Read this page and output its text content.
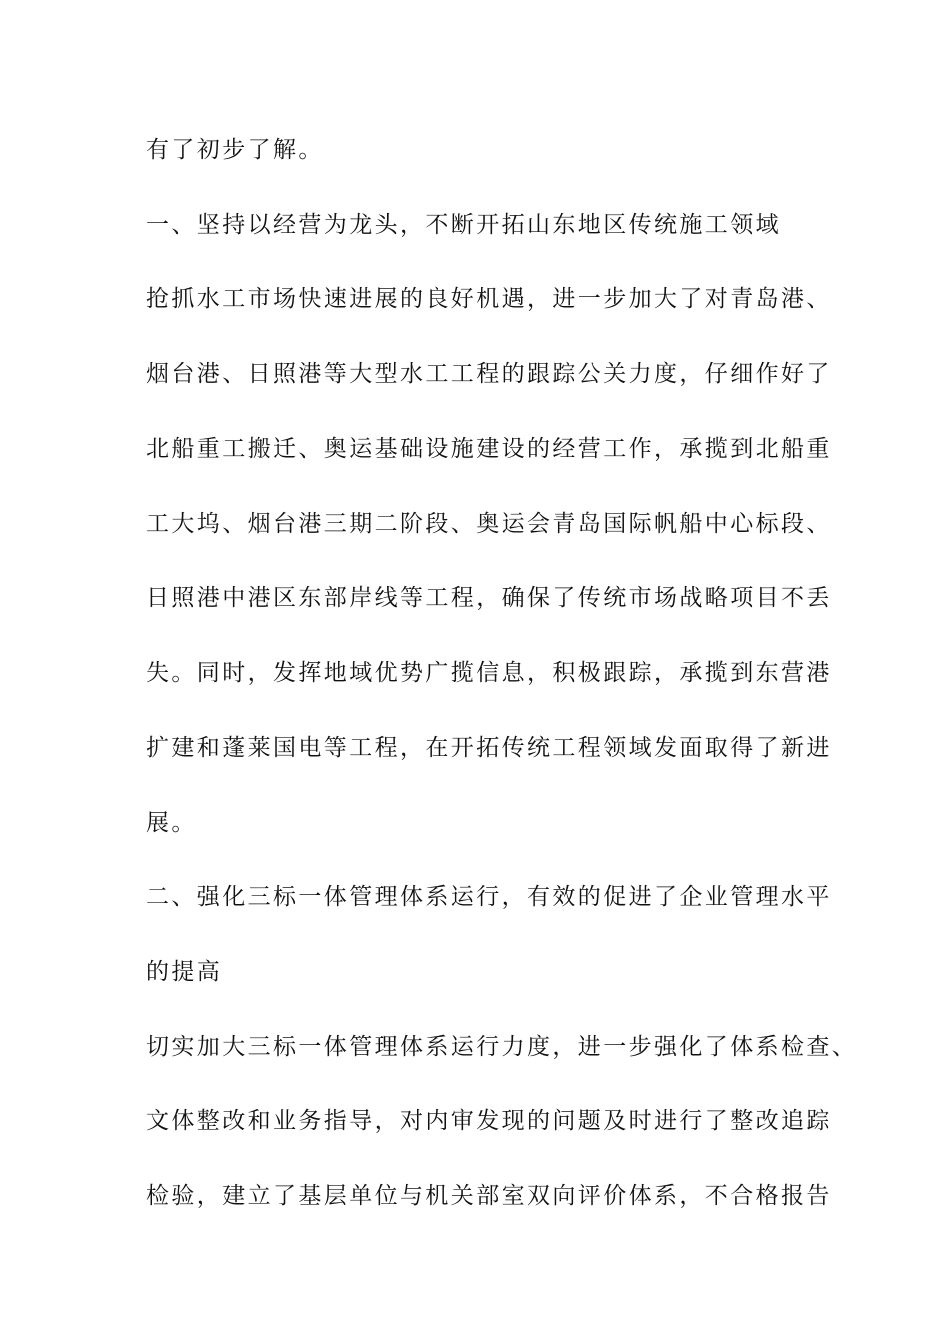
有了初步了解。

一、坚持以经营为龙头，不断开拓山东地区传统施工领域

抢抓水工市场快速进展的良好机遇，进一步加大了对青岛港、

烟台港、日照港等大型水工工程的跟踪公关力度，仔细作好了

北船重工搬迁、奥运基础设施建设的经营工作，承揽到北船重

工大坞、烟台港三期二阶段、奥运会青岛国际帆船中心标段、

日照港中港区东部岸线等工程，确保了传统市场战略项目不丢

失。同时，发挥地域优势广揽信息，积极跟踪，承揽到东营港

扩建和蓬莱国电等工程，在开拓传统工程领域发面取得了新进

展。

二、强化三标一体管理体系运行，有效的促进了企业管理水平

的提高

切实加大三标一体管理体系运行力度，进一步强化了体系检查、

文体整改和业务指导，对内审发现的问题及时进行了整改追踪

检验，建立了基层单位与机关部室双向评价体系，不合格报告
